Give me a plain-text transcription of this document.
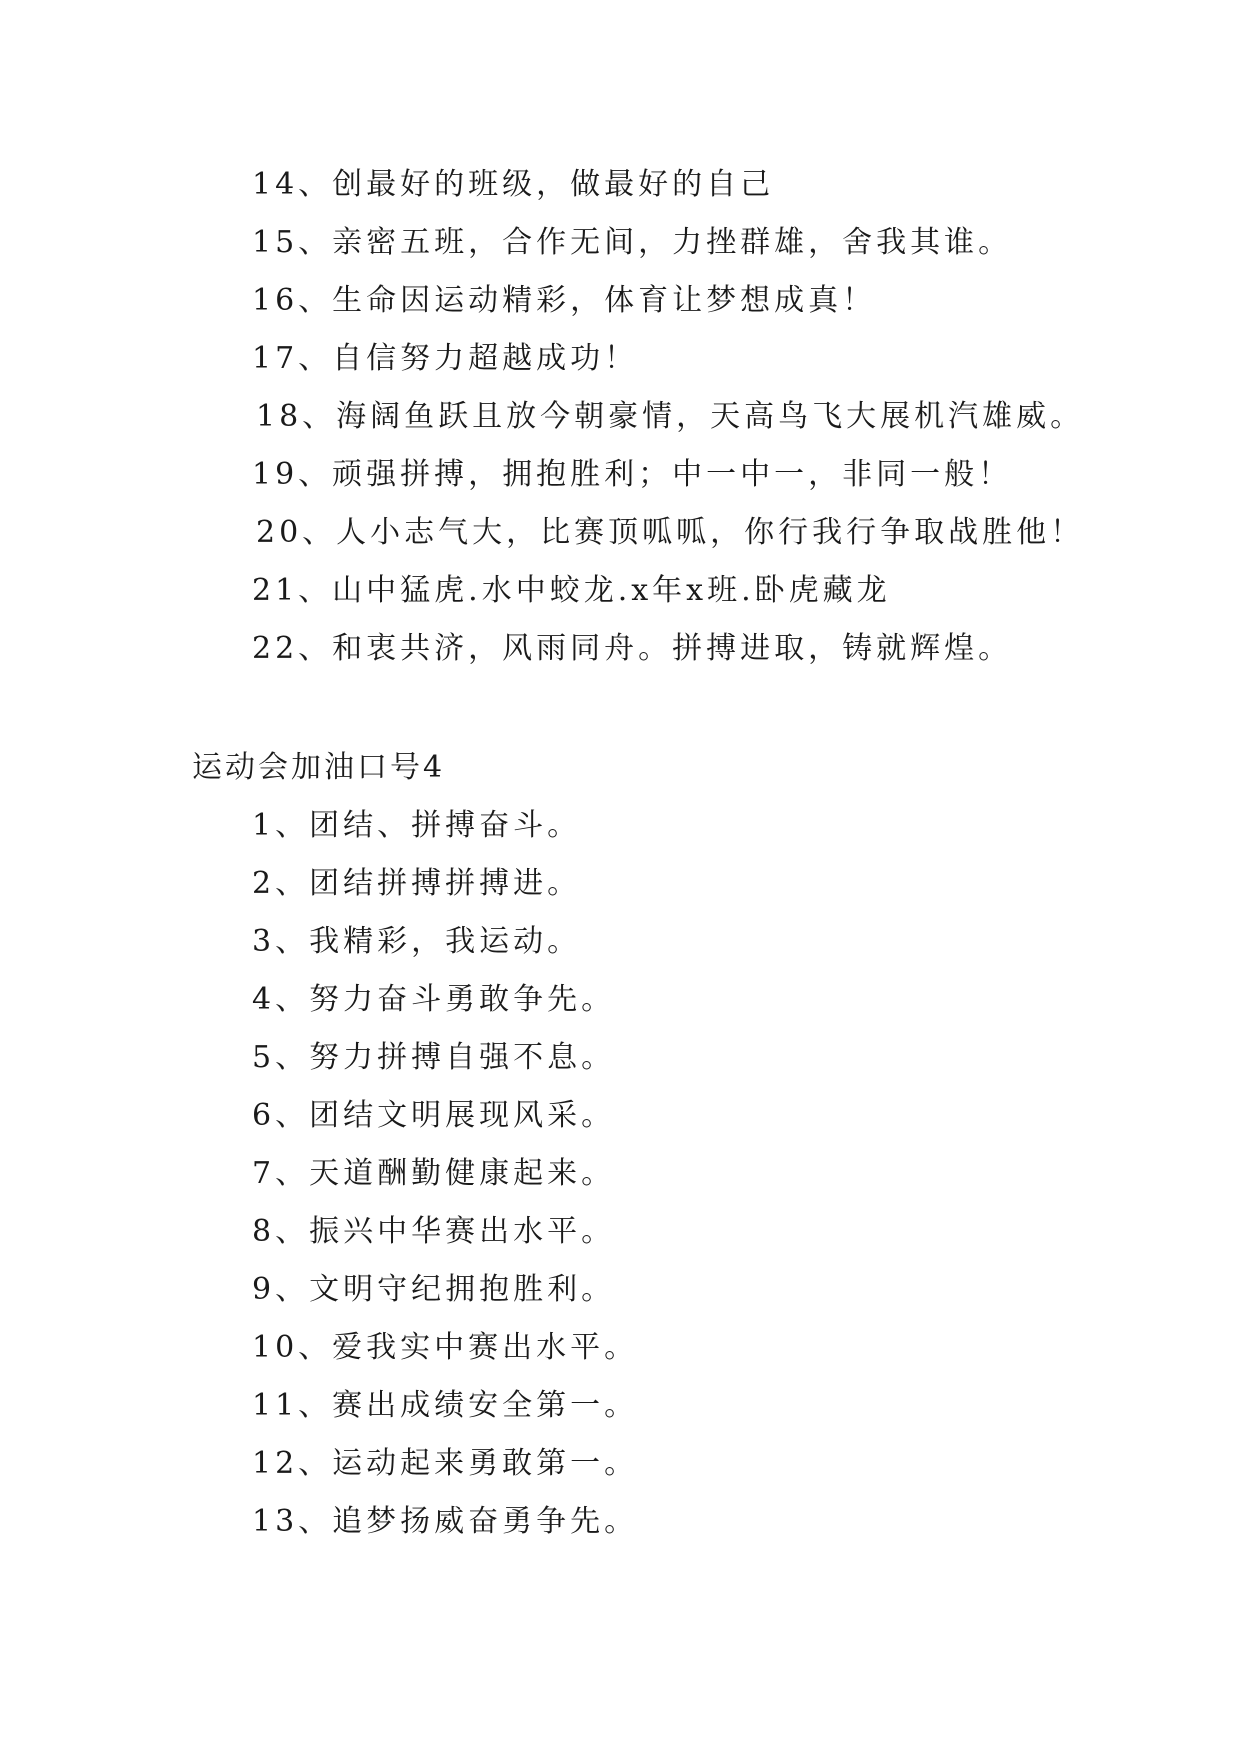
14、创最好的班级，做最好的自己
15、亲密五班，合作无间，力挫群雄，舍我其谁。
16、生命因运动精彩，体育让梦想成真！
17、自信努力超越成功！
18、海阔鱼跃且放今朝豪情，天高鸟飞大展机汽雄威。
19、顽强拼搏，拥抱胜利；中一中一，非同一般！
20、人小志气大，比赛顶呱呱，你行我行争取战胜他！
21、山中猛虎.水中蛟龙.x年x班.卧虎藏龙
22、和衷共济，风雨同舟。拼搏进取，铸就辉煌。
运动会加油口号4
1、团结、拼搏奋斗。
2、团结拼搏拼搏进。
3、我精彩，我运动。
4、努力奋斗勇敢争先。
5、努力拼搏自强不息。
6、团结文明展现风采。
7、天道酬勤健康起来。
8、振兴中华赛出水平。
9、文明守纪拥抱胜利。
10、爱我实中赛出水平。
11、赛出成绩安全第一。
12、运动起来勇敢第一。
13、追梦扬威奋勇争先。
